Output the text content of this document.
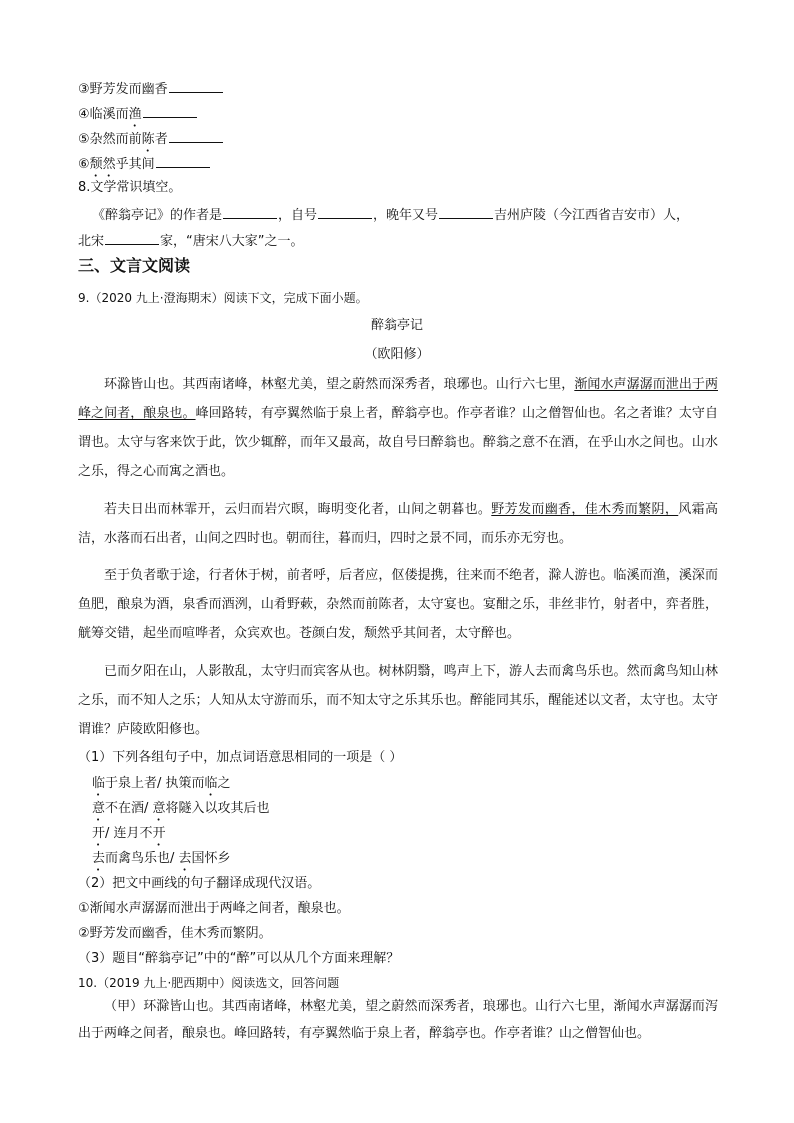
③野芳发而幽香
④临溪而渔
⑤杂然而前陈者
⑥颓然乎其间
8.文学常识填空。
《醉翁亭记》的作者是	，自号	，晚年又号	吉州庐陵（今江西省吉安市）人，
北宋	家，“唐宋八大家”之一。
三、文言文阅读
9.（2020 九上·澄海期末）阅读下文，完成下面小题。
醉翁亭记
（欧阳修）
环滁皆山也。其西南诸峰，林壑尤美，望之蔚然而深秀者，琅琊也。山行六七里，渐闻水声潺潺而泄出于两峰之间者，酿泉也。峰回路转，有亭翼然临于泉上者，醉翁亭也。作亭者谁？山之僧智仙也。名之者谁？太守自谓也。太守与客来饮于此，饮少辄醉，而年又最高，故自号曰醉翁也。醉翁之意不在酒，在乎山水之间也。山水之乐，得之心而寓之酒也。
若夫日出而林霏开，云归而岩穴暝，晦明变化者，山间之朝暮也。野芳发而幽香，佳木秀而繁阴，风霜高洁，水落而石出者，山间之四时也。朝而往，暮而归，四时之景不同，而乐亦无穷也。
至于负者歌于途，行者休于树，前者呼，后者应，伛偻提携，往来而不绝者，滁人游也。临溪而渔，溪深而鱼肥，酿泉为酒，泉香而酒洌，山肴野蔌，杂然而前陈者，太守宴也。宴酣之乐，非丝非竹，射者中，弈者胜，觥筹交错，起坐而喧哗者，众宾欢也。苍颜白发，颓然乎其间者，太守醉也。
已而夕阳在山，人影散乱，太守归而宾客从也。树林阴翳，鸣声上下，游人去而禽鸟乐也。然而禽鸟知山林之乐，而不知人之乐；人知从太守游而乐，而不知太守之乐其乐也。醉能同其乐，醒能述以文者，太守也。太守谓谁？庐陵欧阳修也。
（1）下列各组句子中，加点词语意思相同的一项是（ ）
临于泉上者/ 执策而临之
意不在酒/ 意将隧入以攻其后也
开/ 连月不开
去而禽鸟乐也/ 去国怀乡
（2）把文中画线的句子翻译成现代汉语。
①渐闻水声潺潺而泄出于两峰之间者，酿泉也。
②野芳发而幽香，佳木秀而繁阴。
（3）题目“醉翁亭记”中的“醉”可以从几个方面来理解？
10.（2019 九上·肥西期中）阅读选文，回答问题
（甲）环滁皆山也。其西南诸峰，林壑尤美，望之蔚然而深秀者，琅琊也。山行六七里，渐闻水声潺潺而泻出于两峰之间者，酿泉也。峰回路转，有亭翼然临于泉上者，醉翁亭也。作亭者谁？山之僧智仙也。
